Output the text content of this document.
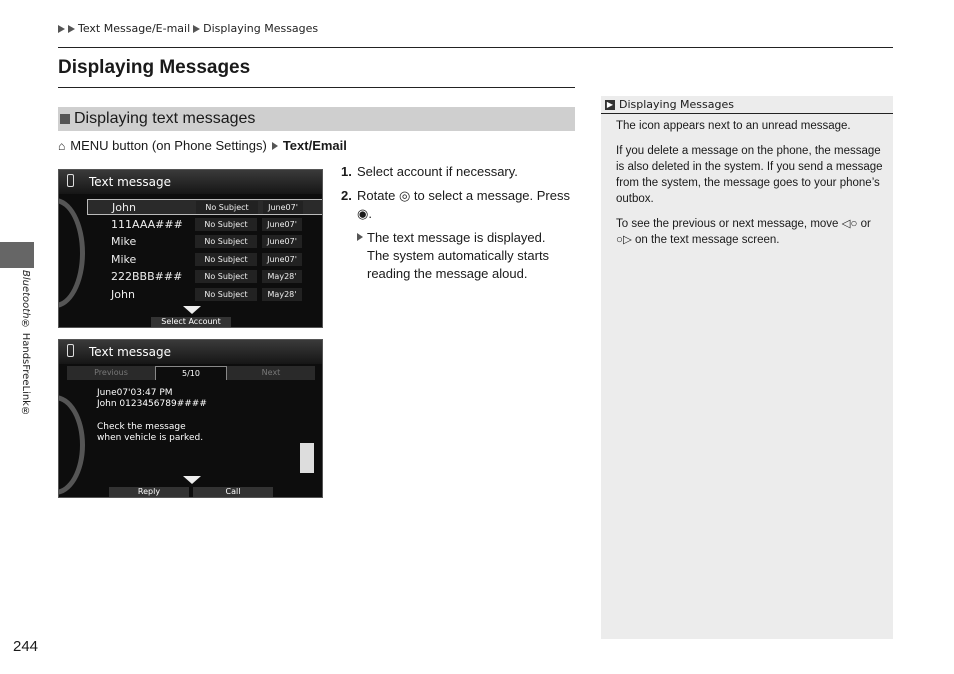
Text Message/E-mail Displaying Messages
Displaying Messages
Displaying text messages
⌂ MENU button (on Phone Settings) Text/Email
Text message
John	No Subject	June07'
111AAA###	No Subject	June07'
Mike	No Subject	June07'
Mike	No Subject	June07'
222BBB###	No Subject	May28'
John	No Subject	May28'
Select Account
Text message
Previous	5/10	Next
June07'03:47 PM
John 0123456789####
Check the message
when vehicle is parked.
Reply	Call
1. Select account if necessary.
2. Rotate ◎ to select a message. Press ◉.
The text message is displayed. The system automatically starts reading the message aloud.
▶ Displaying Messages

The icon appears next to an unread message.

If you delete a message on the phone, the message is also deleted in the system. If you send a message from the system, the message goes to your phone’s outbox.

To see the previous or next message, move ◁○ or ○▷ on the text message screen.

Bluetooth® HandsFreeLink®
244
